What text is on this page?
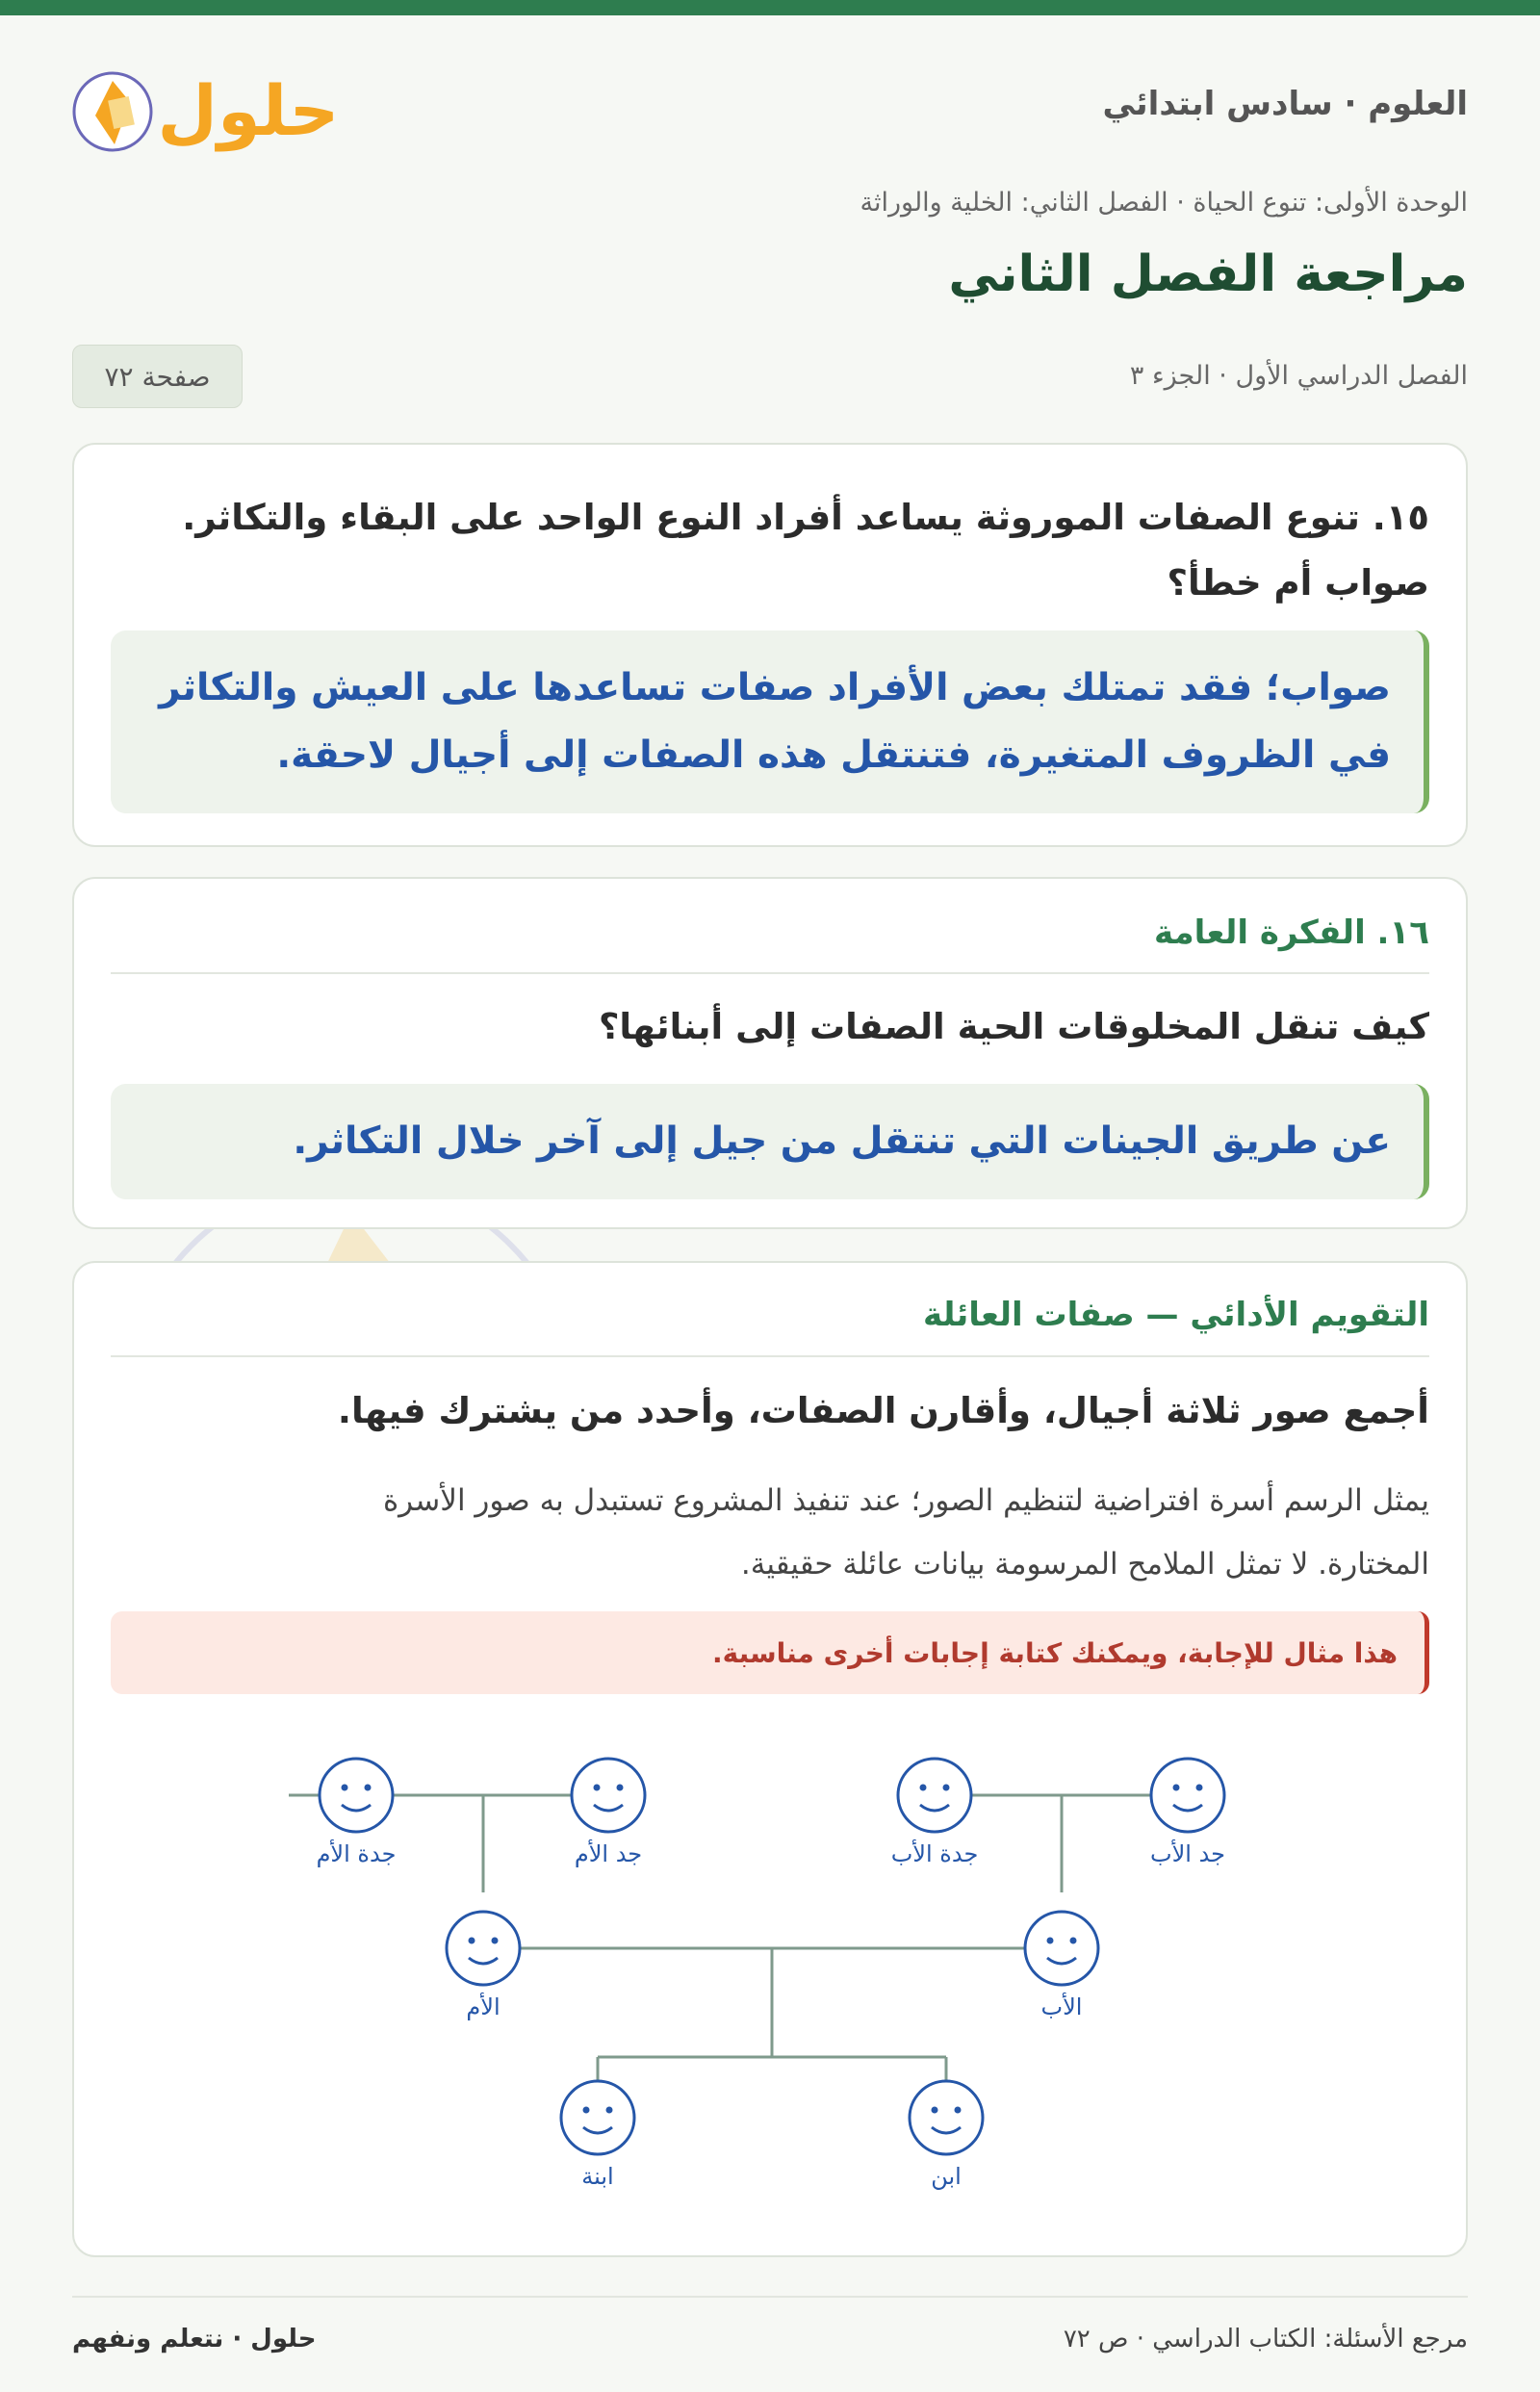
حلول	العلوم · سادس ابتدائي
الوحدة الأولى: تنوع الحياة · الفصل الثاني: الخلية والوراثة
مراجعة الفصل الثاني
الفصل الدراسي الأول · الجزء ٣
صفحة ٧٢
١٥. تنوع الصفات الموروثة يساعد أفراد النوع الواحد على البقاء والتكاثر.
صواب أم خطأ؟
صواب؛ فقد تمتلك بعض الأفراد صفات تساعدها على العيش والتكاثر
في الظروف المتغيرة، فتنتقل هذه الصفات إلى أجيال لاحقة.
١٦. الفكرة العامة
كيف تنقل المخلوقات الحية الصفات إلى أبنائها؟
عن طريق الجينات التي تنتقل من جيل إلى آخر خلال التكاثر.
التقويم الأدائي — صفات العائلة
أجمع صور ثلاثة أجيال، وأقارن الصفات، وأحدد من يشترك فيها.
يمثل الرسم أسرة افتراضية لتنظيم الصور؛ عند تنفيذ المشروع تستبدل به صور الأسرة
المختارة. لا تمثل الملامح المرسومة بيانات عائلة حقيقية.
هذا مثال للإجابة، ويمكنك كتابة إجابات أخرى مناسبة.
جدة الأم	جد الأم	جدة الأب	جد الأب
الأم	الأب
ابنة	ابن
حلول · نتعلم ونفهم	مرجع الأسئلة: الكتاب الدراسي · ص ٧٢
